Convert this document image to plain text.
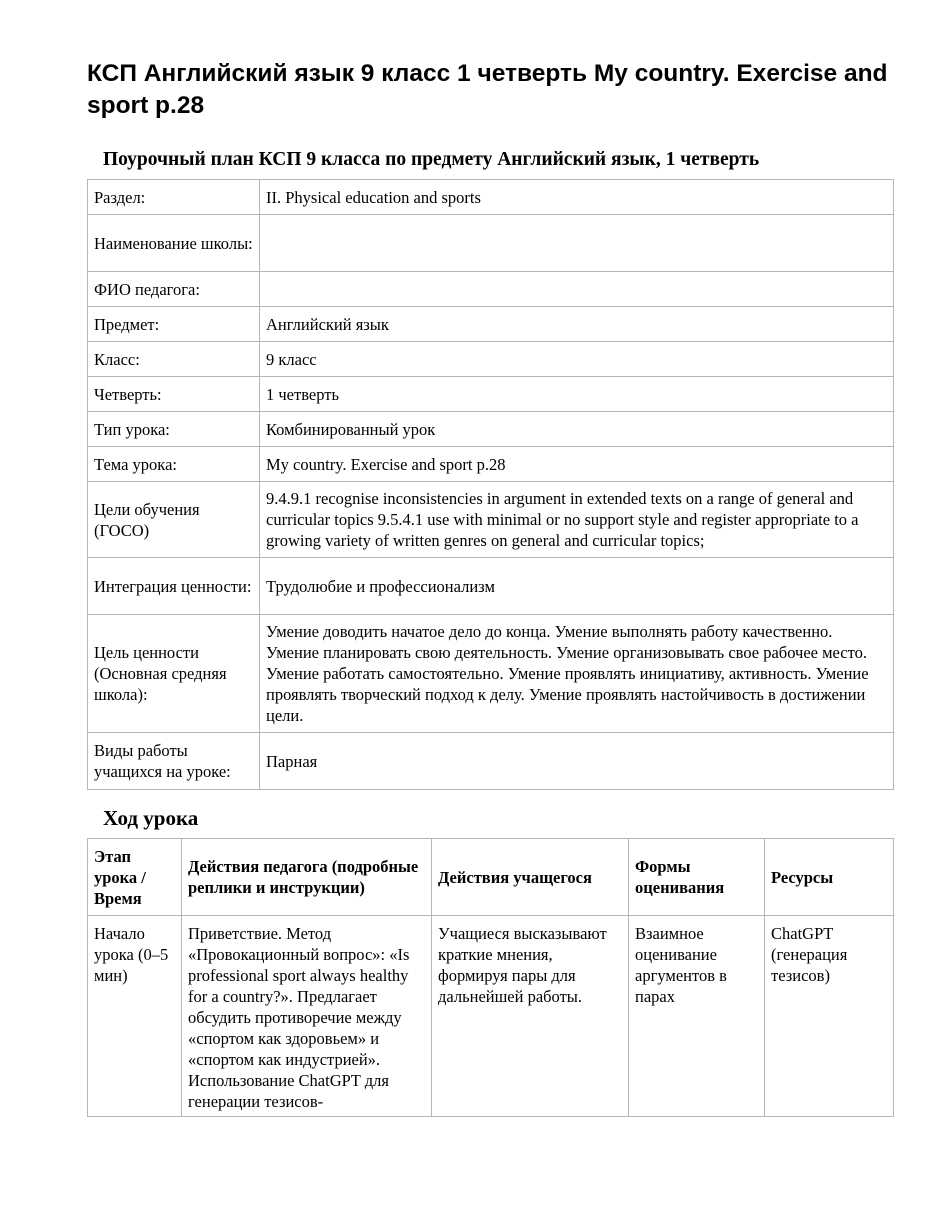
КСП Английский язык 9 класс 1 четверть My country. Exercise and sport p.28
Поурочный план КСП 9 класса по предмету Английский язык, 1 четверть
Раздел:	II. Physical education and sports
Наименование школы:	
ФИО педагога:	
Предмет:	Английский язык
Класс:	9 класс
Четверть:	1 четверть
Тип урока:	Комбинированный урок
Тема урока:	My country. Exercise and sport p.28
Цели обучения (ГОСО)	9.4.9.1 recognise inconsistencies in argument in extended texts on a range of general and curricular topics 9.5.4.1 use with minimal or no support style and register appropriate to a growing variety of written genres on general and curricular topics;
Интеграция ценности:	Трудолюбие и профессионализм
Цель ценности (Основная средняя школа):	Умение доводить начатое дело до конца. Умение выполнять работу качественно. Умение планировать свою деятельность. Умение организовывать свое рабочее место. Умение работать самостоятельно. Умение проявлять инициативу, активность. Умение проявлять творческий подход к делу. Умение проявлять настойчивость в достижении цели.
Виды работы учащихся на уроке:	Парная
Ход урока
Этап урока / Время	Действия педагога (подробные реплики и инструкции)	Действия учащегося	Формы оценивания	Ресурсы
Начало урока (0–5 мин)	Приветствие. Метод «Провокационный вопрос»: «Is professional sport always healthy for a country?». Предлагает обсудить противоречие между «спортом как здоровьем» и «спортом как индустрией». Использование ChatGPT для генерации тезисов-	Учащиеся высказывают краткие мнения, формируя пары для дальнейшей работы.	Взаимное оценивание аргументов в парах	ChatGPT (генерация тезисов)
